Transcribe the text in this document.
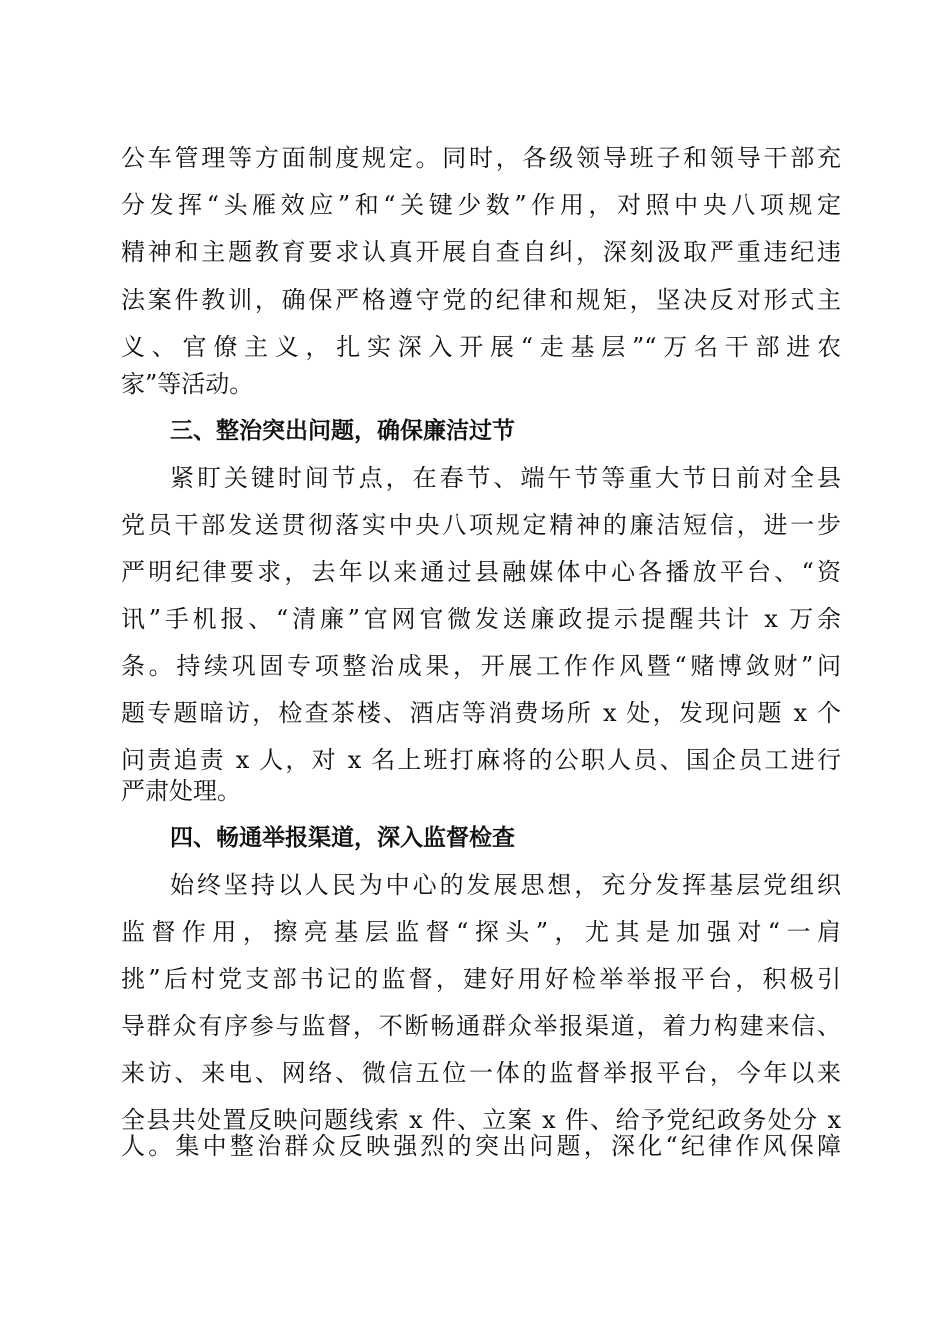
公车管理等方面制度规定。同时，各级领导班子和领导干部充
分发挥“头雁效应”和“关键少数”作用，对照中央八项规定
精神和主题教育要求认真开展自查自纠，深刻汲取严重违纪违
法案件教训，确保严格遵守党的纪律和规矩，坚决反对形式主
义、官僚主义，扎实深入开展“走基层”“万名干部进农
家”等活动。
三、整治突出问题，确保廉洁过节
紧盯关键时间节点，在春节、端午节等重大节日前对全县
党员干部发送贯彻落实中央八项规定精神的廉洁短信，进一步
严明纪律要求，去年以来通过县融媒体中心各播放平台、“资
讯”手机报、“清廉”官网官微发送廉政提示提醒共计 x 万余
条。持续巩固专项整治成果，开展工作作风暨“赌博敛财”问
题专题暗访，检查茶楼、酒店等消费场所 x 处，发现问题 x 个
问责追责 x 人，对 x 名上班打麻将的公职人员、国企员工进行
严肃处理。
四、畅通举报渠道，深入监督检查
始终坚持以人民为中心的发展思想，充分发挥基层党组织
监督作用，擦亮基层监督“探头”，尤其是加强对“一肩
挑”后村党支部书记的监督，建好用好检举举报平台，积极引
导群众有序参与监督，不断畅通群众举报渠道，着力构建来信、
来访、来电、网络、微信五位一体的监督举报平台，今年以来
全县共处置反映问题线索 x 件、立案 x 件、给予党纪政务处分 x
人。集中整治群众反映强烈的突出问题，深化“纪律作风保障
